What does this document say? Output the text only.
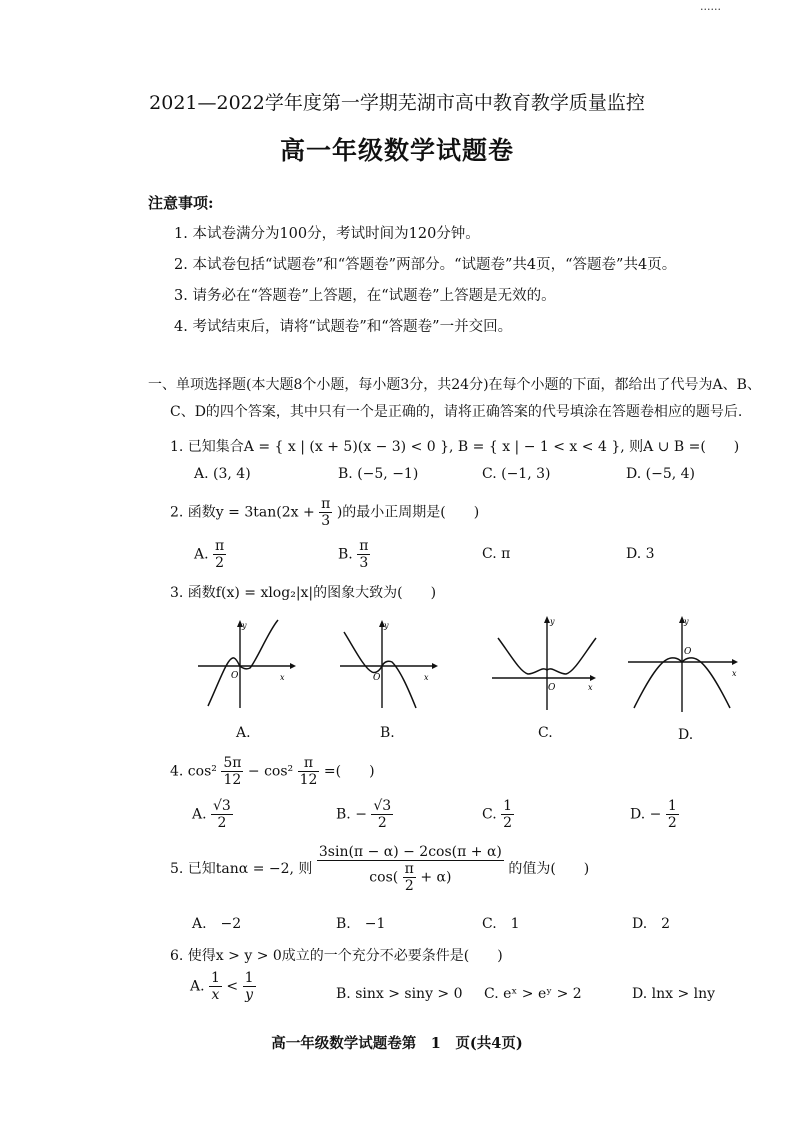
......
2021—2022学年度第一学期芜湖市高中教育教学质量监控
高一年级数学试题卷
注意事项:
1. 本试卷满分为100分，考试时间为120分钟。
2. 本试卷包括“试题卷”和“答题卷”两部分。“试题卷”共4页，“答题卷”共4页。
3. 请务必在“答题卷”上答题，在“试题卷”上答题是无效的。
4. 考试结束后，请将“试题卷”和“答题卷”一并交回。
一、单项选择题(本大题8个小题，每小题3分，共24分)在每个小题的下面，都给出了代号为A、B、
C、D的四个答案，其中只有一个是正确的，请将正确答案的代号填涂在答题卷相应的题号后.
1. 已知集合A = { x | (x + 5)(x − 3) < 0 }, B = { x | − 1 < x < 4 }, 则A ∪ B =(　　)
A. (3, 4)	B. (−5, −1)	C. (−1, 3)	D. (−5, 4)
2. 函数$y = 3\tan(2x + \frac{\pi}{3}$ )的最小正周期是(　　)
A. $\frac{\pi}{2}$	B. $\frac{\pi}{3}$	C. π	D. 3
3. 函数f(x) = xlog₂|x|的图象大致为(　　)
y
O	x
A.
y
O	x
B.
y
O	x
C.
y
O
x
D.
4. $\cos^2 \frac{5\pi}{12} - \cos^2 \frac{\pi}{12}$ =(　　)
A. $\frac{√3}{2}$	B. − $\frac{√3}{2}$	C. $\frac{1}{2}$	D. − $\frac{1}{2}$
5. 已知tanα = −2, 则 $\frac{3\sin(\pi - \alpha) - 2\cos(\pi + \alpha)}{\cos( \frac{\pi}{2} + \alpha)}$ 的值为(　　)
A.　−2	B.　−1	C.　1	D.　2
6. 使得x > y > 0成立的一个充分不必要条件是(　　)
A. $\frac{1}{x} < \frac{1}{y}$	B. sinx > siny > 0 C. eˣ > eʸ > 2	D. lnx > lny
高一年级数学试题卷第　1　页(共4页)
